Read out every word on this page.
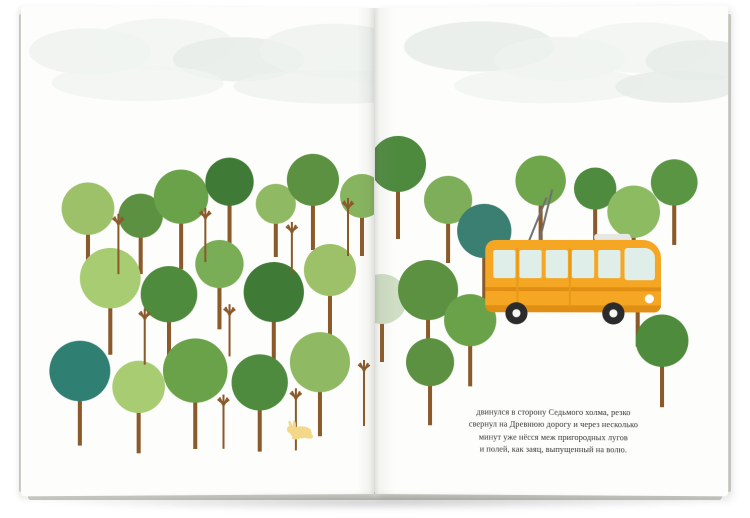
двинулся в сторону Седьмого холма, резко
свернул на Древнюю дорогу и через несколько
минут уже нёсся меж пригородных лугов
и полей, как заяц, выпущенный на волю.
